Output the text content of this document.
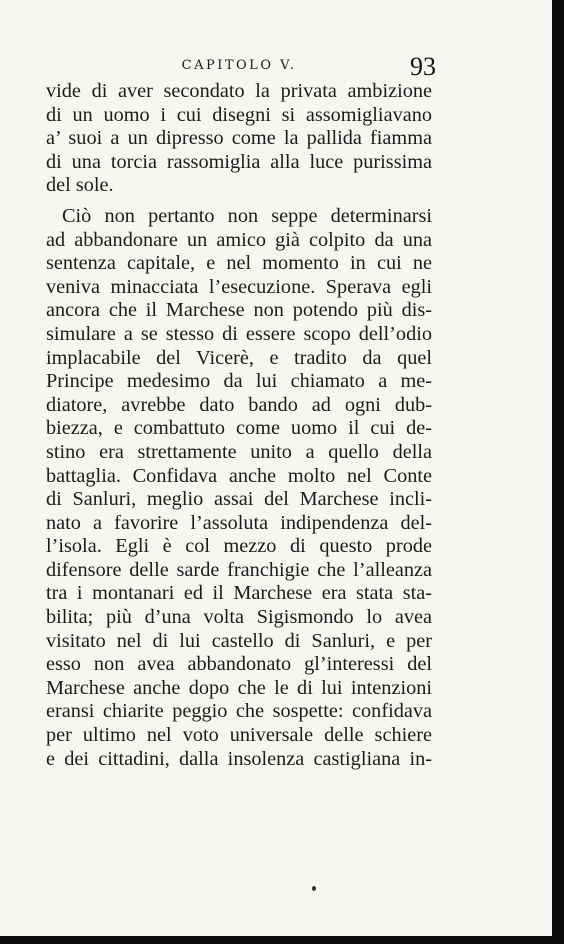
CAPITOLO V.	93
vide di aver secondato la privata ambizione
di un uomo i cui disegni si assomigliavano
a’ suoi a un dipresso come la pallida fiamma
di una torcia rassomiglia alla luce purissima
del sole.
Ciò non pertanto non seppe determinarsi
ad abbandonare un amico già colpito da una
sentenza capitale, e nel momento in cui ne
veniva minacciata l’esecuzione. Sperava egli
ancora che il Marchese non potendo più dis-
simulare a se stesso di essere scopo dell’odio
implacabile del Vicerè, e tradito da quel
Principe medesimo da lui chiamato a me-
diatore, avrebbe dato bando ad ogni dub-
biezza, e combattuto come uomo il cui de-
stino era strettamente unito a quello della
battaglia. Confidava anche molto nel Conte
di Sanluri, meglio assai del Marchese incli-
nato a favorire l’assoluta indipendenza del-
l’isola. Egli è col mezzo di questo prode
difensore delle sarde franchigie che l’alleanza
tra i montanari ed il Marchese era stata sta-
bilita; più d’una volta Sigismondo lo avea
visitato nel di lui castello di Sanluri, e per
esso non avea abbandonato gl’interessi del
Marchese anche dopo che le di lui intenzioni
eransi chiarite peggio che sospette: confidava
per ultimo nel voto universale delle schiere
e dei cittadini, dalla insolenza castigliana in-
